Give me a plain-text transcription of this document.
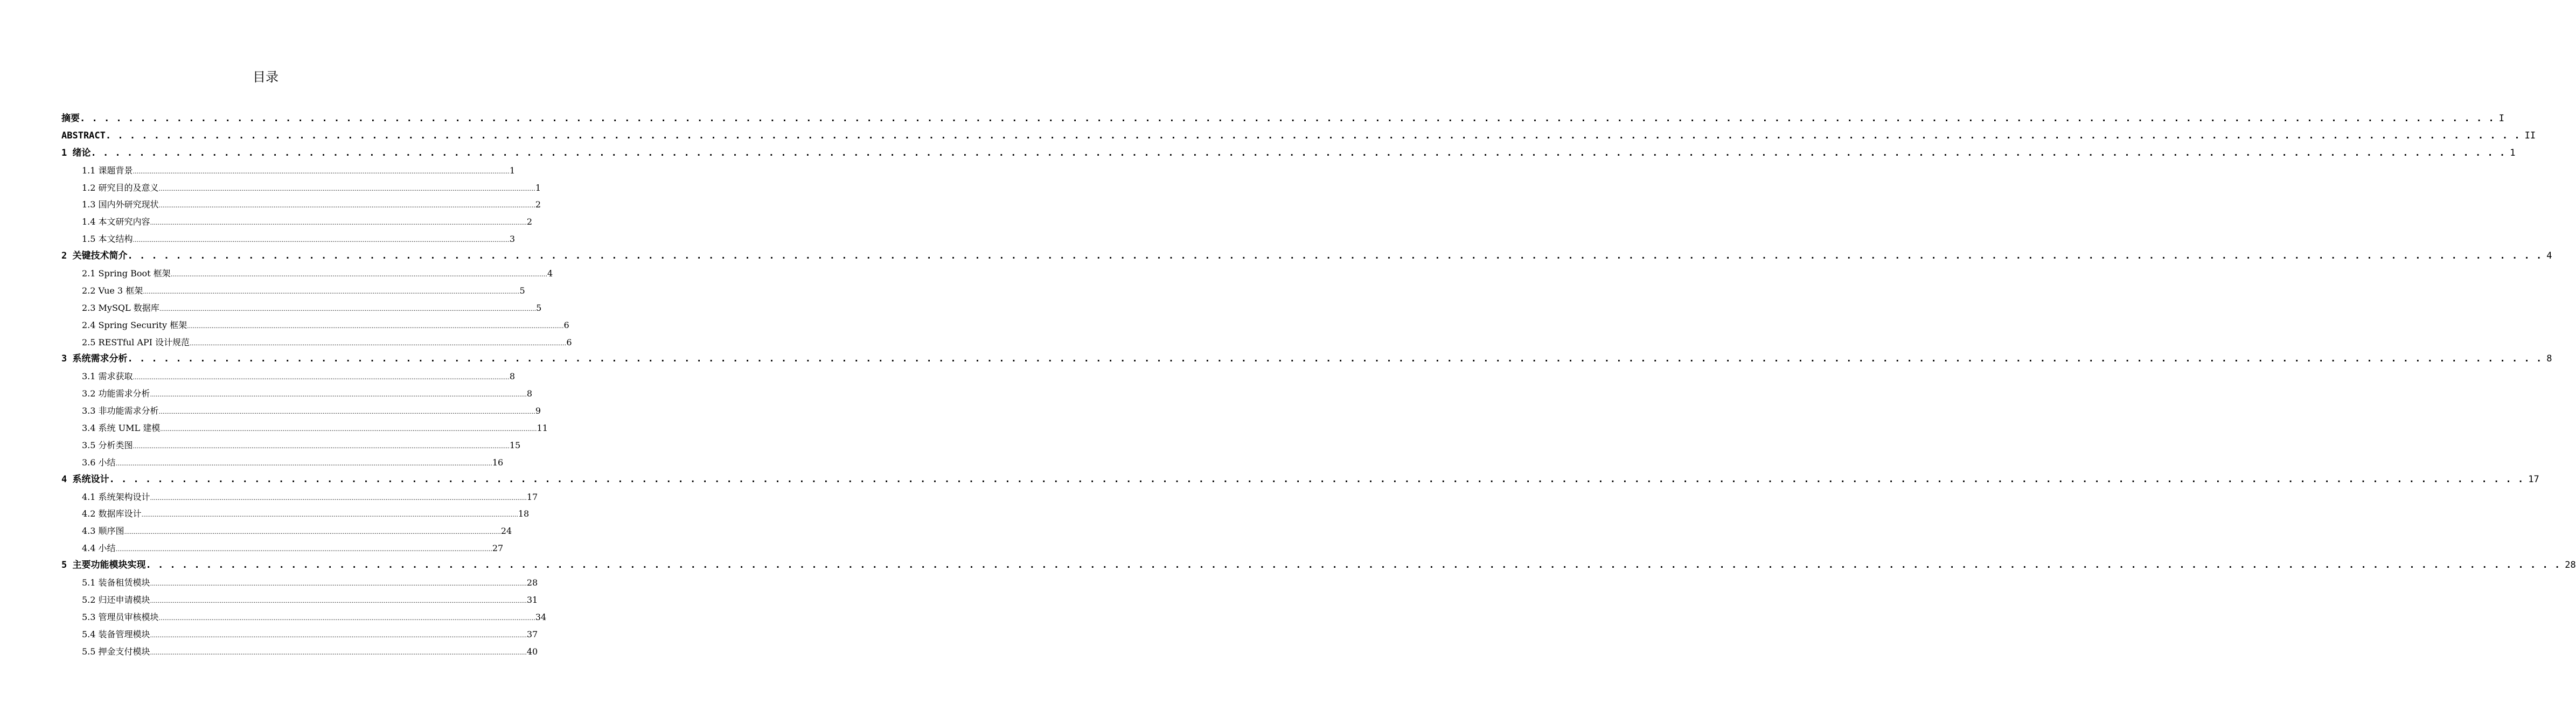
目录
摘要 . . . . . . . . . . . . . . . . . . . . . . . . . . . . . . . . . . . . . . . . . . . . . . . . . . . . . . . . . . . . . . . . . . . . . . . . . . . . . . . . . . . . . . . . . . . . . . . . . . . . . . . . . . . . . . . . . . . . . . . . . . . . . . . . . . . . . . . . . . . . . . . . . . . . . . . . . . . . . . . . . . . . . . . . . . . . . . . . . . . . . . . . . . . . . . . . . . . . . . . . I
ABSTRACT . . . . . . . . . . . . . . . . . . . . . . . . . . . . . . . . . . . . . . . . . . . . . . . . . . . . . . . . . . . . . . . . . . . . . . . . . . . . . . . . . . . . . . . . . . . . . . . . . . . . . . . . . . . . . . . . . . . . . . . . . . . . . . . . . . . . . . . . . . . . . . . . . . . . . . . . . . . . . . . . . . . . . . . . . . . . . . . . . . . . . . . . . . . . . . . . . . . . . . . . II
1 绪论 . . . . . . . . . . . . . . . . . . . . . . . . . . . . . . . . . . . . . . . . . . . . . . . . . . . . . . . . . . . . . . . . . . . . . . . . . . . . . . . . . . . . . . . . . . . . . . . . . . . . . . . . . . . . . . . . . . . . . . . . . . . . . . . . . . . . . . . . . . . . . . . . . . . . . . . . . . . . . . . . . . . . . . . . . . . . . . . . . . . . . . . . . . . . . . . . . . . . . . . . 1
1.1 课题背景 ........................................................................................................................................................................................................ 1
1.2 研究目的及意义 ........................................................................................................................................................................................................ 1
1.3 国内外研究现状 ........................................................................................................................................................................................................ 2
1.4 本文研究内容 ........................................................................................................................................................................................................ 2
1.5 本文结构 ........................................................................................................................................................................................................ 3
2 关键技术简介 . . . . . . . . . . . . . . . . . . . . . . . . . . . . . . . . . . . . . . . . . . . . . . . . . . . . . . . . . . . . . . . . . . . . . . . . . . . . . . . . . . . . . . . . . . . . . . . . . . . . . . . . . . . . . . . . . . . . . . . . . . . . . . . . . . . . . . . . . . . . . . . . . . . . . . . . . . . . . . . . . . . . . . . . . . . . . . . . . . . . . . . . . . . . . . . . . . . . . . . . 4
2.1 Spring Boot 框架 ........................................................................................................................................................................................................ 4
2.2 Vue 3 框架 ........................................................................................................................................................................................................ 5
2.3 MySQL 数据库 ........................................................................................................................................................................................................ 5
2.4 Spring Security 框架 ........................................................................................................................................................................................................ 6
2.5 RESTful API 设计规范 ........................................................................................................................................................................................................ 6
3 系统需求分析 . . . . . . . . . . . . . . . . . . . . . . . . . . . . . . . . . . . . . . . . . . . . . . . . . . . . . . . . . . . . . . . . . . . . . . . . . . . . . . . . . . . . . . . . . . . . . . . . . . . . . . . . . . . . . . . . . . . . . . . . . . . . . . . . . . . . . . . . . . . . . . . . . . . . . . . . . . . . . . . . . . . . . . . . . . . . . . . . . . . . . . . . . . . . . . . . . . . . . . . . 8
3.1 需求获取 ........................................................................................................................................................................................................ 8
3.2 功能需求分析 ........................................................................................................................................................................................................ 8
3.3 非功能需求分析 ........................................................................................................................................................................................................ 9
3.4 系统 UML 建模 ........................................................................................................................................................................................................ 11
3.5 分析类图 ........................................................................................................................................................................................................ 15
3.6 小结 ........................................................................................................................................................................................................ 16
4 系统设计 . . . . . . . . . . . . . . . . . . . . . . . . . . . . . . . . . . . . . . . . . . . . . . . . . . . . . . . . . . . . . . . . . . . . . . . . . . . . . . . . . . . . . . . . . . . . . . . . . . . . . . . . . . . . . . . . . . . . . . . . . . . . . . . . . . . . . . . . . . . . . . . . . . . . . . . . . . . . . . . . . . . . . . . . . . . . . . . . . . . . . . . . . . . . . . . . . . . . . . . . 17
4.1 系统架构设计 ........................................................................................................................................................................................................ 17
4.2 数据库设计 ........................................................................................................................................................................................................ 18
4.3 顺序图 ........................................................................................................................................................................................................ 24
4.4 小结 ........................................................................................................................................................................................................ 27
5 主要功能模块实现 . . . . . . . . . . . . . . . . . . . . . . . . . . . . . . . . . . . . . . . . . . . . . . . . . . . . . . . . . . . . . . . . . . . . . . . . . . . . . . . . . . . . . . . . . . . . . . . . . . . . . . . . . . . . . . . . . . . . . . . . . . . . . . . . . . . . . . . . . . . . . . . . . . . . . . . . . . . . . . . . . . . . . . . . . . . . . . . . . . . . . . . . . . . . . . . . . . . . . . . . 28
5.1 装备租赁模块 ........................................................................................................................................................................................................ 28
5.2 归还申请模块 ........................................................................................................................................................................................................ 31
5.3 管理员审核模块 ........................................................................................................................................................................................................ 34
5.4 装备管理模块 ........................................................................................................................................................................................................ 37
5.5 押金支付模块 ........................................................................................................................................................................................................ 40
